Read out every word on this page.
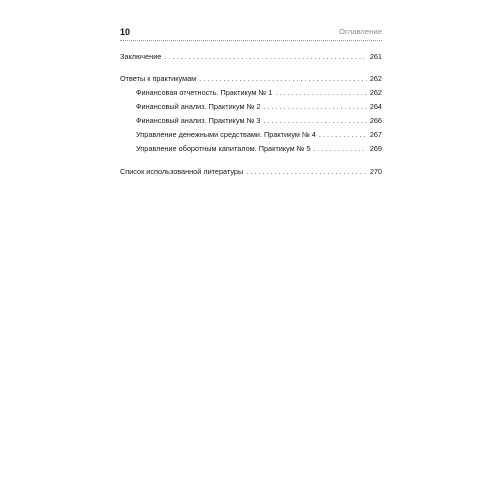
10	Оглавление
Заключение . . .	261
Ответы к практикумам . . .	262
Финансовая отчетность. Практикум № 1 . . .	262
Финансовый анализ. Практикум № 2 . . .	264
Финансовый анализ. Практикум № 3 . . .	266
Управление денежными средствами. Практикум № 4 . . .	267
Управление оборотным капиталом. Практикум № 5 . . .	269
Список использованной литературы . . .	270
